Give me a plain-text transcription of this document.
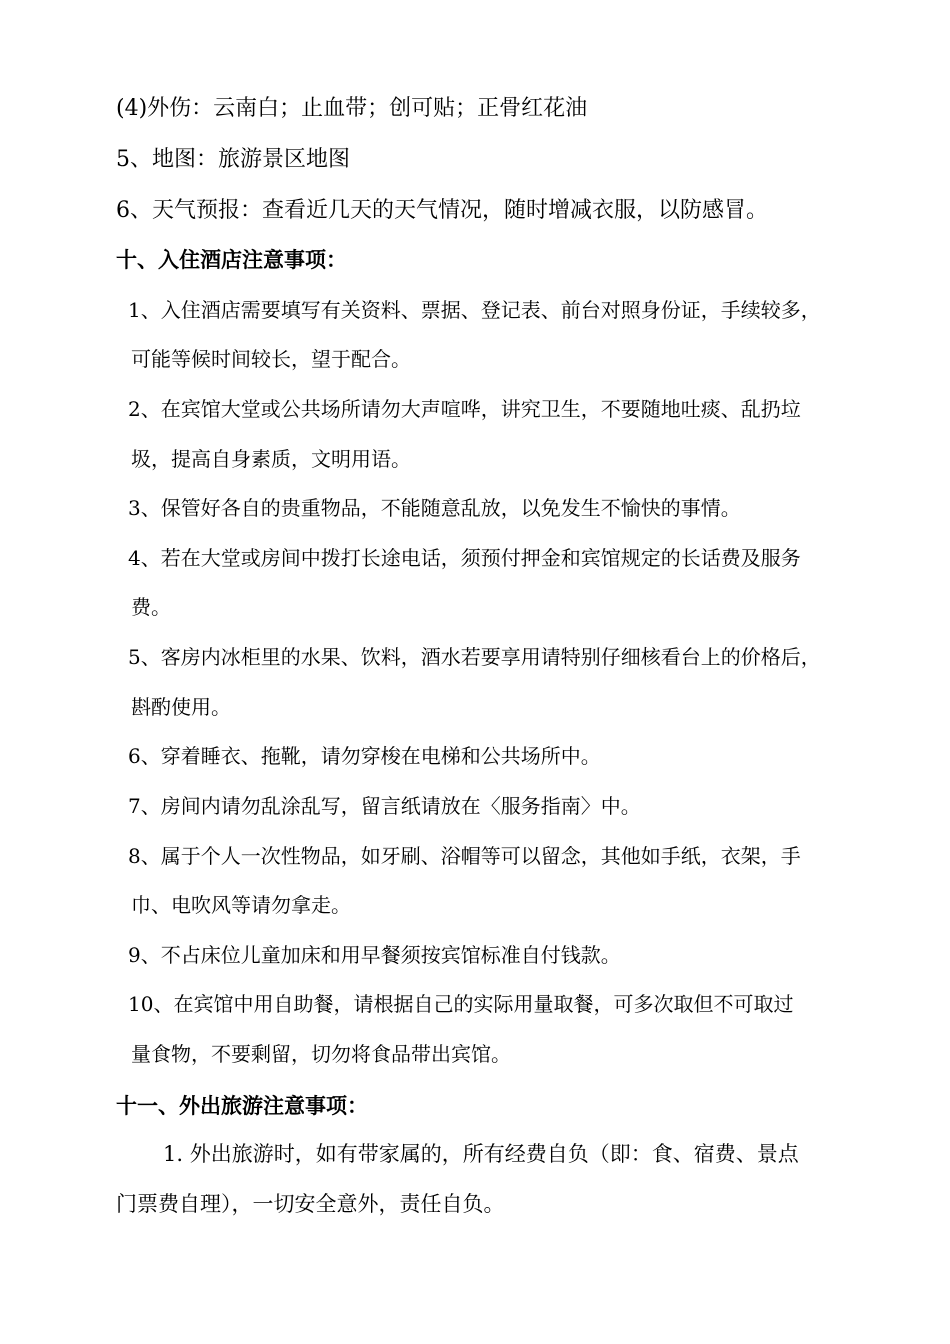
(4)外伤：云南白；止血带；创可贴；正骨红花油
5、地图：旅游景区地图
6、天气预报：查看近几天的天气情况，随时增减衣服，以防感冒。
十、入住酒店注意事项：
1、入住酒店需要填写有关资料、票据、登记表、前台对照身份证，手续较多，
可能等候时间较长，望于配合。
2、在宾馆大堂或公共场所请勿大声喧哗，讲究卫生，不要随地吐痰、乱扔垃
圾，提高自身素质，文明用语。
3、保管好各自的贵重物品，不能随意乱放，以免发生不愉快的事情。
4、若在大堂或房间中拨打长途电话，须预付押金和宾馆规定的长话费及服务
费。
5、客房内冰柜里的水果、饮料，酒水若要享用请特别仔细核看台上的价格后，
斟酌使用。
6、穿着睡衣、拖靴，请勿穿梭在电梯和公共场所中。
7、房间内请勿乱涂乱写，留言纸请放在〈服务指南〉中。
8、属于个人一次性物品，如牙刷、浴帽等可以留念，其他如手纸，衣架，手
巾、电吹风等请勿拿走。
9、不占床位儿童加床和用早餐须按宾馆标准自付钱款。
10、在宾馆中用自助餐，请根据自己的实际用量取餐，可多次取但不可取过
量食物，不要剩留，切勿将食品带出宾馆。
十一、外出旅游注意事项：
1. 外出旅游时，如有带家属的，所有经费自负（即：食、宿费、景点
门票费自理），一切安全意外，责任自负。
